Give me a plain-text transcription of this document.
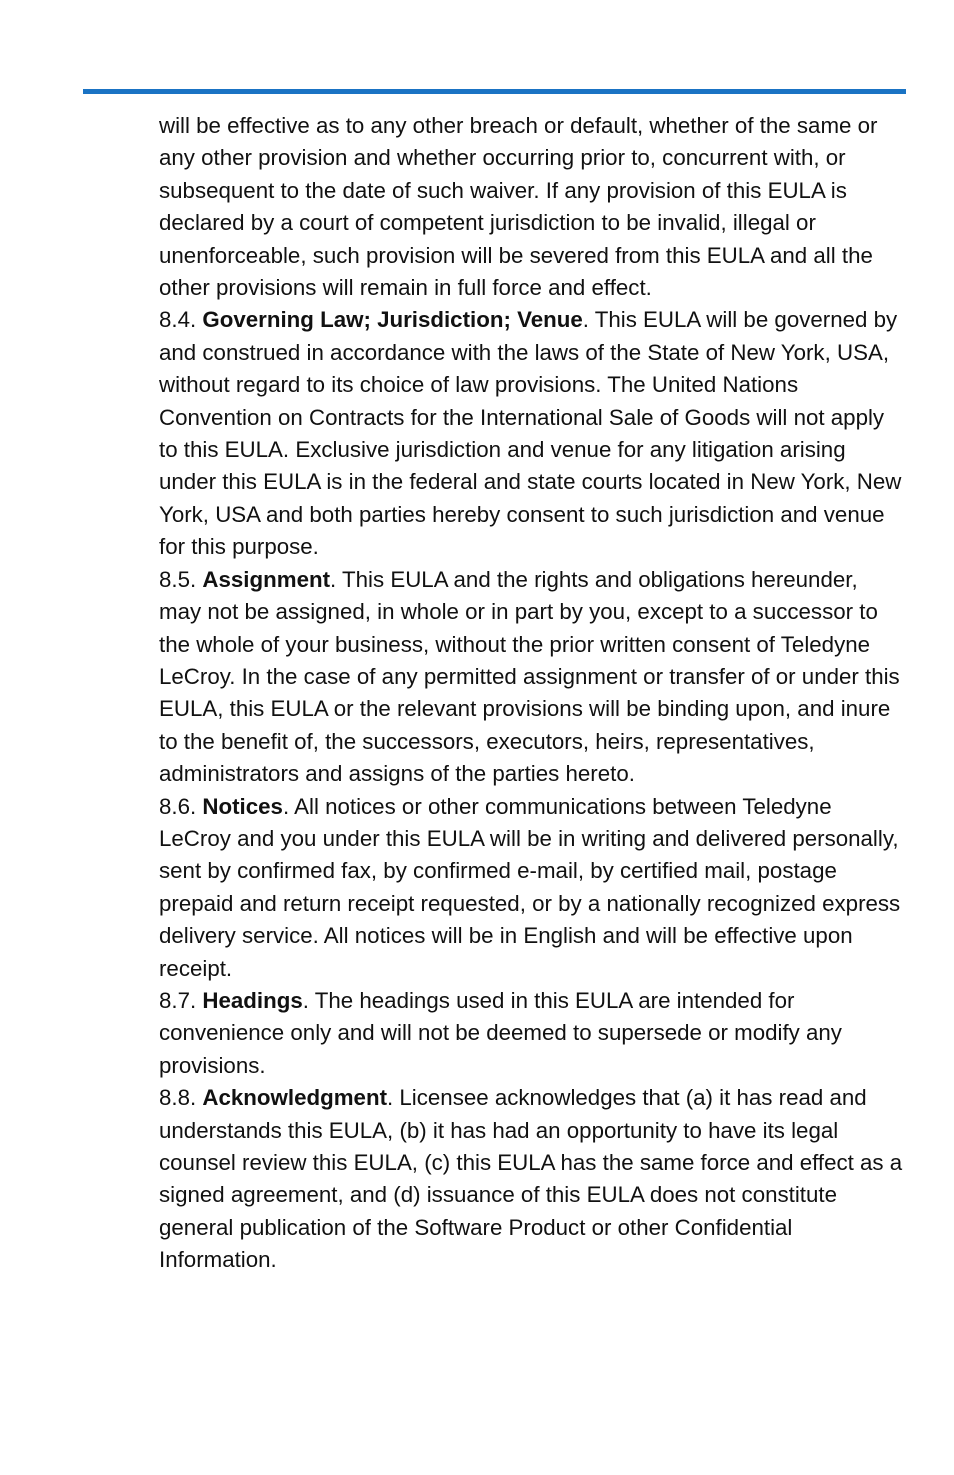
will be effective as to any other breach or default, whether of the same or any other provision and whether occurring prior to, concurrent with, or subsequent to the date of such waiver. If any provision of this EULA is declared by a court of competent jurisdiction to be invalid, illegal or unenforceable, such provision will be severed from this EULA and all the other provisions will remain in full force and effect.

8.4. Governing Law; Jurisdiction; Venue. This EULA will be governed by and construed in accordance with the laws of the State of New York, USA, without regard to its choice of law provisions. The United Nations Convention on Contracts for the International Sale of Goods will not apply to this EULA. Exclusive jurisdiction and venue for any litigation arising under this EULA is in the federal and state courts located in New York, New York, USA and both parties hereby consent to such jurisdiction and venue for this purpose.

8.5. Assignment. This EULA and the rights and obligations hereunder, may not be assigned, in whole or in part by you, except to a successor to the whole of your business, without the prior written consent of Teledyne LeCroy. In the case of any permitted assignment or transfer of or under this EULA, this EULA or the relevant provisions will be binding upon, and inure to the benefit of, the successors, executors, heirs, representatives, administrators and assigns of the parties hereto.

8.6. Notices. All notices or other communications between Teledyne LeCroy and you under this EULA will be in writing and delivered personally, sent by confirmed fax, by confirmed e-mail, by certified mail, postage prepaid and return receipt requested, or by a nationally recognized express delivery service. All notices will be in English and will be effective upon receipt.

8.7. Headings. The headings used in this EULA are intended for convenience only and will not be deemed to supersede or modify any provisions.

8.8. Acknowledgment. Licensee acknowledges that (a) it has read and understands this EULA, (b) it has had an opportunity to have its legal counsel review this EULA, (c) this EULA has the same force and effect as a signed agreement, and (d) issuance of this EULA does not constitute general publication of the Software Product or other Confidential Information.
